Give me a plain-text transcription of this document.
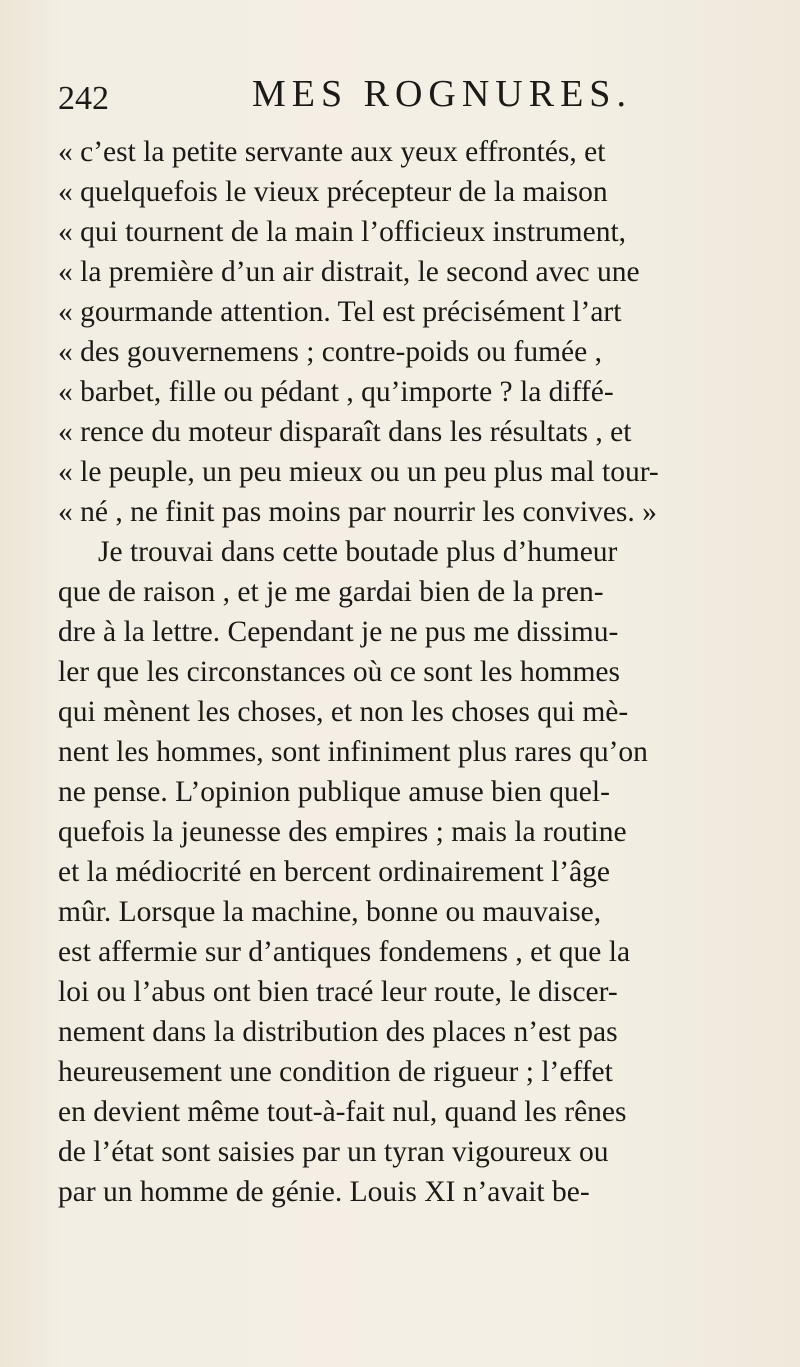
242	MES ROGNURES.
« c’est la petite servante aux yeux effrontés, et
« quelquefois le vieux précepteur de la maison
« qui tournent de la main l’officieux instrument,
« la première d’un air distrait, le second avec une
« gourmande attention. Tel est précisément l’art
« des gouvernemens ; contre-poids ou fumée ,
« barbet, fille ou pédant , qu’importe ? la diffé-
« rence du moteur disparaît dans les résultats , et
« le peuple, un peu mieux ou un peu plus mal tour-
« né , ne finit pas moins par nourrir les convives. »
Je trouvai dans cette boutade plus d’humeur
que de raison , et je me gardai bien de la pren-
dre à la lettre. Cependant je ne pus me dissimu-
ler que les circonstances où ce sont les hommes
qui mènent les choses, et non les choses qui mè-
nent les hommes, sont infiniment plus rares qu’on
ne pense. L’opinion publique amuse bien quel-
quefois la jeunesse des empires ; mais la routine
et la médiocrité en bercent ordinairement l’âge
mûr. Lorsque la machine, bonne ou mauvaise,
est affermie sur d’antiques fondemens , et que la
loi ou l’abus ont bien tracé leur route, le discer-
nement dans la distribution des places n’est pas
heureusement une condition de rigueur ; l’effet
en devient même tout-à-fait nul, quand les rênes
de l’état sont saisies par un tyran vigoureux ou
par un homme de génie. Louis XI n’avait be-
